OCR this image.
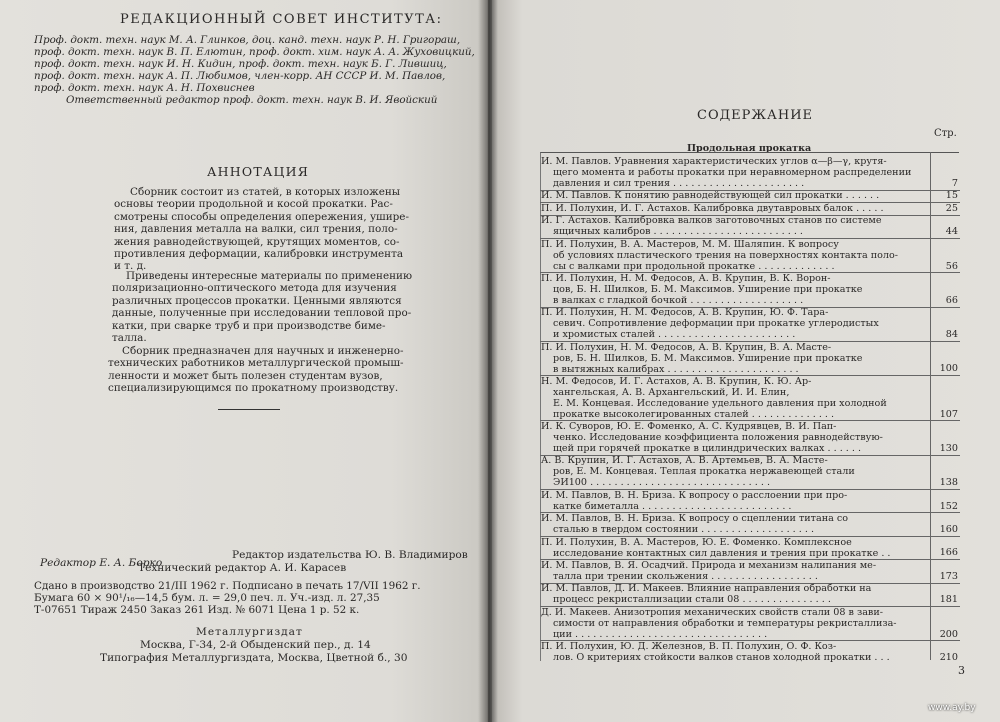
РЕДАКЦИОННЫЙ СОВЕТ ИНСТИТУТА:
Проф. докт. техн. наук М. А. Глинков, доц. канд. техн. наук Р. Н. Григораш,
проф. докт. техн. наук В. П. Елютин, проф. докт. хим. наук А. А. Жуховицкий,
проф. докт. техн. наук И. Н. Кидин, проф. докт. техн. наук Б. Г. Лившиц,
проф. докт. техн. наук А. П. Любимов, член-корр. АН СССР И. М. Павлов,
проф. докт. техн. наук А. Н. Похвиснев
Ответственный редактор проф. докт. техн. наук В. И. Явойский
АННОТАЦИЯ
Сборник состоит из статей, в которых изложены
основы теории продольной и косой прокатки. Рас-
смотрены способы определения опережения, ушире-
ния, давления металла на валки, сил трения, поло-
жения равнодействующей, крутящих моментов, со-
противления деформации, калибровки инструмента
и т. д.
Приведены интересные материалы по применению
поляризационно-оптического метода для изучения
различных процессов прокатки. Ценными являются
данные, полученные при исследовании тепловой про-
катки, при сварке труб и при производстве биме-
талла.
Сборник предназначен для научных и инженерно-
технических работников металлургической промыш-
ленности и может быть полезен студентам вузов,
специализирующимся по прокатному производству.
Редактор Е. А. Борко
Редактор издательства Ю. В. Владимиров
Технический редактор А. И. Карасев
Сдано в производство 21/III 1962 г. Подписано в печать 17/VII 1962 г.
Бумага 60 × 90¹/₁₆—14,5 бум. л. = 29,0 печ. л. Уч.-изд. л. 27,35
Т-07651 Тираж 2450 Заказ 261 Изд. № 6071 Цена 1 р. 52 к.
Металлургиздат
Москва, Г-34, 2-й Обыденский пер., д. 14
Типография Металлургиздата, Москва, Цветной б., 30
СОДЕРЖАНИЕ
Стр.
Продольная прокатка
И. М. Павлов. Уравнения характеристических углов α—β—γ, крутя-
щего момента и работы прокатки при неравномерном распределении
давления и сил трения . . . . . . . . . . . . . . . . . . . . . .	7
И. М. Павлов. К понятию равнодействующей сил прокатки . . . . . .	15
П. И. Полухин, И. Г. Астахов. Калибровка двутавровых балок . . . . .	25
И. Г. Астахов. Калибровка валков заготовочных станов по системе
ящичных калибров . . . . . . . . . . . . . . . . . . . . . . . . .	44
П. И. Полухин, В. А. Мастеров, М. М. Шаляпин. К вопросу
об условиях пластического трения на поверхностях контакта поло-
сы с валками при продольной прокатке . . . . . . . . . . . . .	56
П. И. Полухин, Н. М. Федосов, А. В. Крупин, В. К. Ворон-
цов, Б. Н. Шилков, Б. М. Максимов. Уширение при прокатке
в валках с гладкой бочкой . . . . . . . . . . . . . . . . . . .	66
П. И. Полухин, Н. М. Федосов, А. В. Крупин, Ю. Ф. Тара-
севич. Сопротивление деформации при прокатке углеродистых
и хромистых сталей . . . . . . . . . . . . . . . . . . . . . . .	84
П. И. Полухин, Н. М. Федосов, А. В. Крупин, В. А. Масте-
ров, Б. Н. Шилков, Б. М. Максимов. Уширение при прокатке
в вытяжных калибрах . . . . . . . . . . . . . . . . . . . . . .	100
Н. М. Федосов, И. Г. Астахов, А. В. Крупин, К. Ю. Ар-
хангельская, А. В. Архангельский, И. И. Елин,
Е. М. Концевая. Исследование удельного давления при холодной
прокатке высоколегированных сталей . . . . . . . . . . . . . .	107
И. К. Суворов, Ю. Е. Фоменко, А. С. Кудрявцев, В. И. Пап-
ченко. Исследование коэффициента положения равнодействую-
щей при горячей прокатке в цилиндрических валках . . . . . .	130
А. В. Крупин, И. Г. Астахов, А. В. Артемьев, В. А. Масте-
ров, Е. М. Концевая. Теплая прокатка нержавеющей стали
ЭИ100 . . . . . . . . . . . . . . . . . . . . . . . . . . . . . .	138
И. М. Павлов, В. Н. Бриза. К вопросу о расслоении при про-
катке биметалла . . . . . . . . . . . . . . . . . . . . . . . . .	152
И. М. Павлов, В. Н. Бриза. К вопросу о сцеплении титана со
сталью в твердом состоянии . . . . . . . . . . . . . . . . . . .	160
П. И. Полухин, В. А. Мастеров, Ю. Е. Фоменко. Комплексное
исследование контактных сил давления и трения при прокатке . .	166
И. М. Павлов, В. Я. Осадчий. Природа и механизм налипания ме-
талла при трении скольжения . . . . . . . . . . . . . . . . . .	173
И. М. Павлов, Д. И. Макеев. Влияние направления обработки на
процесс рекристаллизации стали 08 . . . . . . . . . . . . . . .	181
Д. И. Макеев. Анизотропия механических свойств стали 08 в зави-
симости от направления обработки и температуры рекристаллиза-
ции . . . . . . . . . . . . . . . . . . . . . . . . . . . . . . . .	200
П. И. Полухин, Ю. Д. Железнов, В. П. Полухин, О. Ф. Коз-
лов. О критериях стойкости валков станов холодной прокатки . . .	210
3
www.ay.by
